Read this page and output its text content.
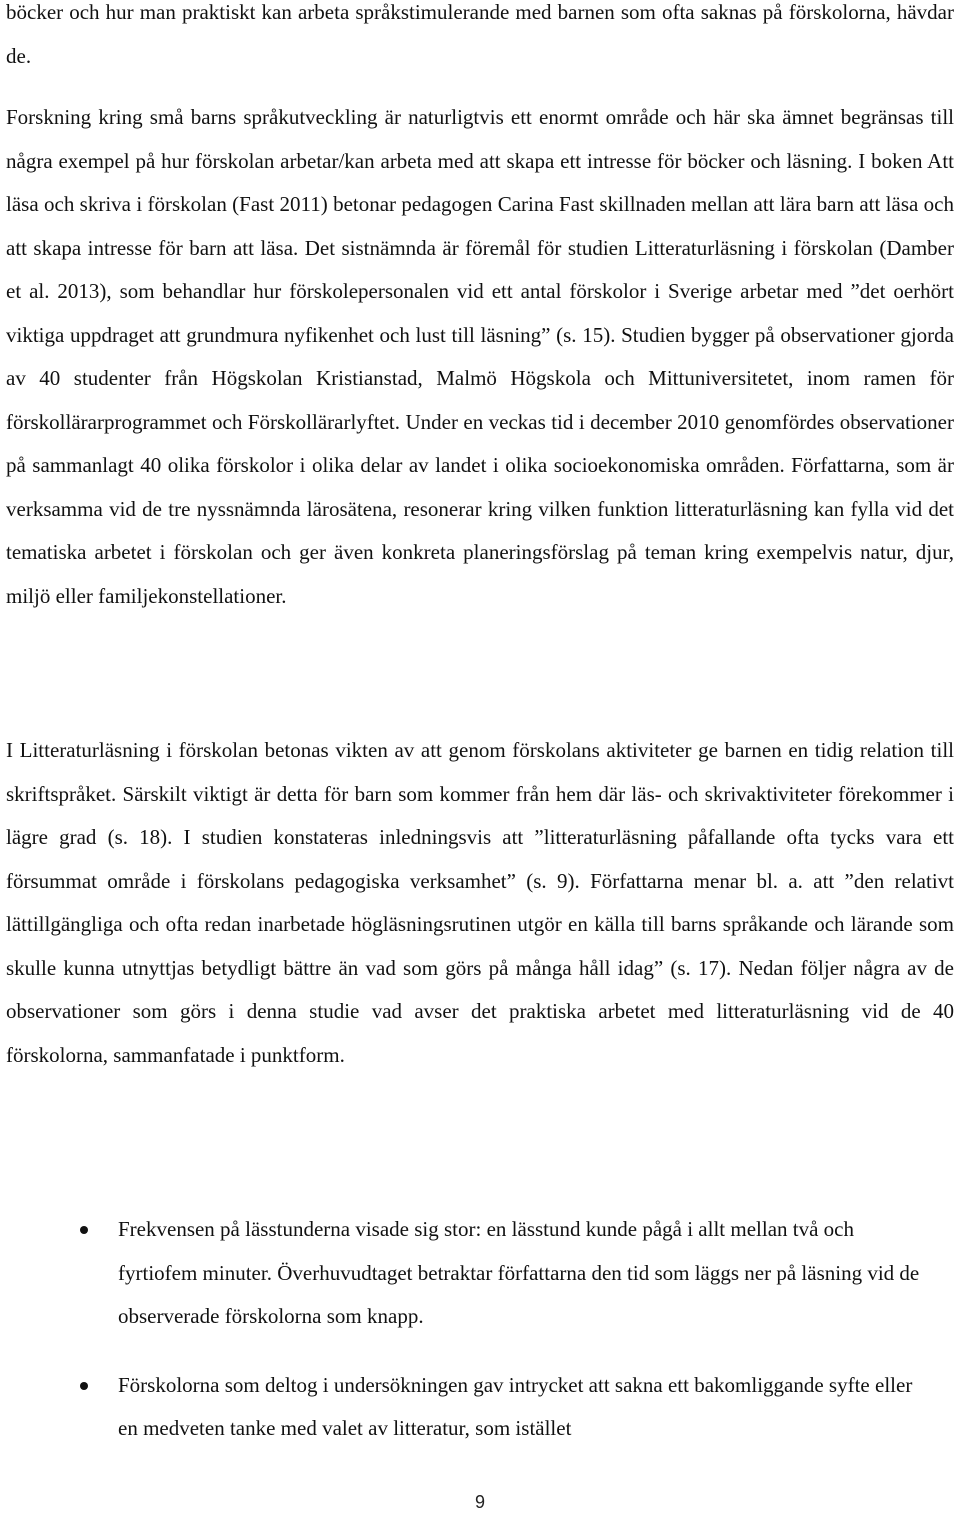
böcker och hur man praktiskt kan arbeta språkstimulerande med barnen som ofta saknas på förskolorna, hävdar de.

Forskning kring små barns språkutveckling är naturligtvis ett enormt område och här ska ämnet begränsas till några exempel på hur förskolan arbetar/kan arbeta med att skapa ett intresse för böcker och läsning. I boken Att läsa och skriva i förskolan (Fast 2011) betonar pedagogen Carina Fast skillnaden mellan att lära barn att läsa och att skapa intresse för barn att läsa. Det sistnämnda är föremål för studien Litteraturläsning i förskolan (Damber et al. 2013), som behandlar hur förskolepersonalen vid ett antal förskolor i Sverige arbetar med ”det oerhört viktiga uppdraget att grundmura nyfikenhet och lust till läsning” (s. 15). Studien bygger på observationer gjorda av 40 studenter från Högskolan Kristianstad, Malmö Högskola och Mittuniversitetet, inom ramen för förskollärarprogrammet och Förskollärarlyftet. Under en veckas tid i december 2010 genomfördes observationer på sammanlagt 40 olika förskolor i olika delar av landet i olika socioekonomiska områden. Författarna, som är verksamma vid de tre nyssnämnda lärosätena, resonerar kring vilken funktion litteraturläsning kan fylla vid det tematiska arbetet i förskolan och ger även konkreta planeringsförslag på teman kring exempelvis natur, djur, miljö eller familjekonstellationer.

I Litteraturläsning i förskolan betonas vikten av att genom förskolans aktiviteter ge barnen en tidig relation till skriftspråket. Särskilt viktigt är detta för barn som kommer från hem där läs- och skrivaktiviteter förekommer i lägre grad (s. 18). I studien konstateras inledningsvis att ”litteraturläsning påfallande ofta tycks vara ett försummat område i förskolans pedagogiska verksamhet” (s. 9). Författarna menar bl. a. att ”den relativt lättillgängliga och ofta redan inarbetade högläsningsrutinen utgör en källa till barns språkande och lärande som skulle kunna utnyttjas betydligt bättre än vad som görs på många håll idag” (s. 17). Nedan följer några av de observationer som görs i denna studie vad avser det praktiska arbetet med litteraturläsning vid de 40 förskolorna, sammanfatade i punktform.

Frekvensen på lässtunderna visade sig stor: en lässtund kunde pågå i allt mellan två och fyrtiofem minuter. Överhuvudtaget betraktar författarna den tid som läggs ner på läsning vid de observerade förskolorna som knapp.
Förskolorna som deltog i undersökningen gav intrycket att sakna ett bakomliggande syfte eller en medveten tanke med valet av litteratur, som istället
9
